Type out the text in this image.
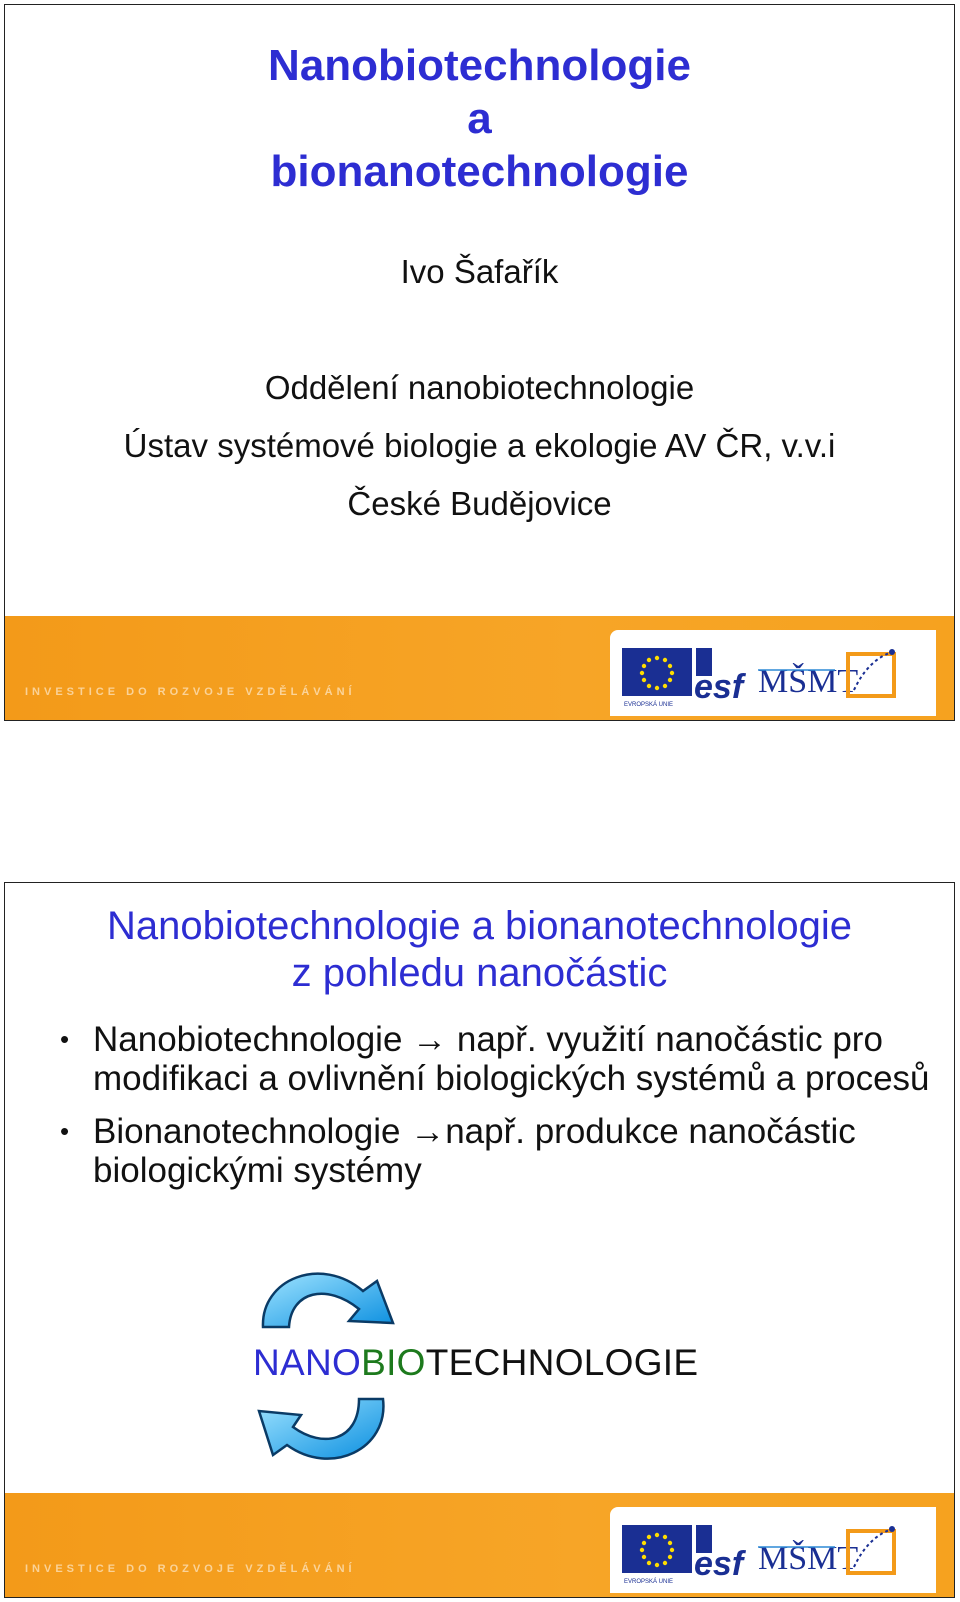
Nanobiotechnologie
a
bionanotechnologie
Ivo Šafařík
Oddělení nanobiotechnologie
Ústav systémové biologie a ekologie AV ČR, v.v.i
České Budějovice
INVESTICE DO ROZVOJE VZDĚLÁVÁNÍ
EVROPSKÁ UNIE esf MŠMT
Nanobiotechnologie a bionanotechnologie
z pohledu nanočástic
• Nanobiotechnologie → např. využití nanočástic pro modifikaci a ovlivnění biologických systémů a procesů
• Bionanotechnologie →např. produkce nanočástic biologickými systémy
NANOBIOTECHNOLOGIE
INVESTICE DO ROZVOJE VZDĚLÁVÁNÍ
EVROPSKÁ UNIE esf MŠMT
